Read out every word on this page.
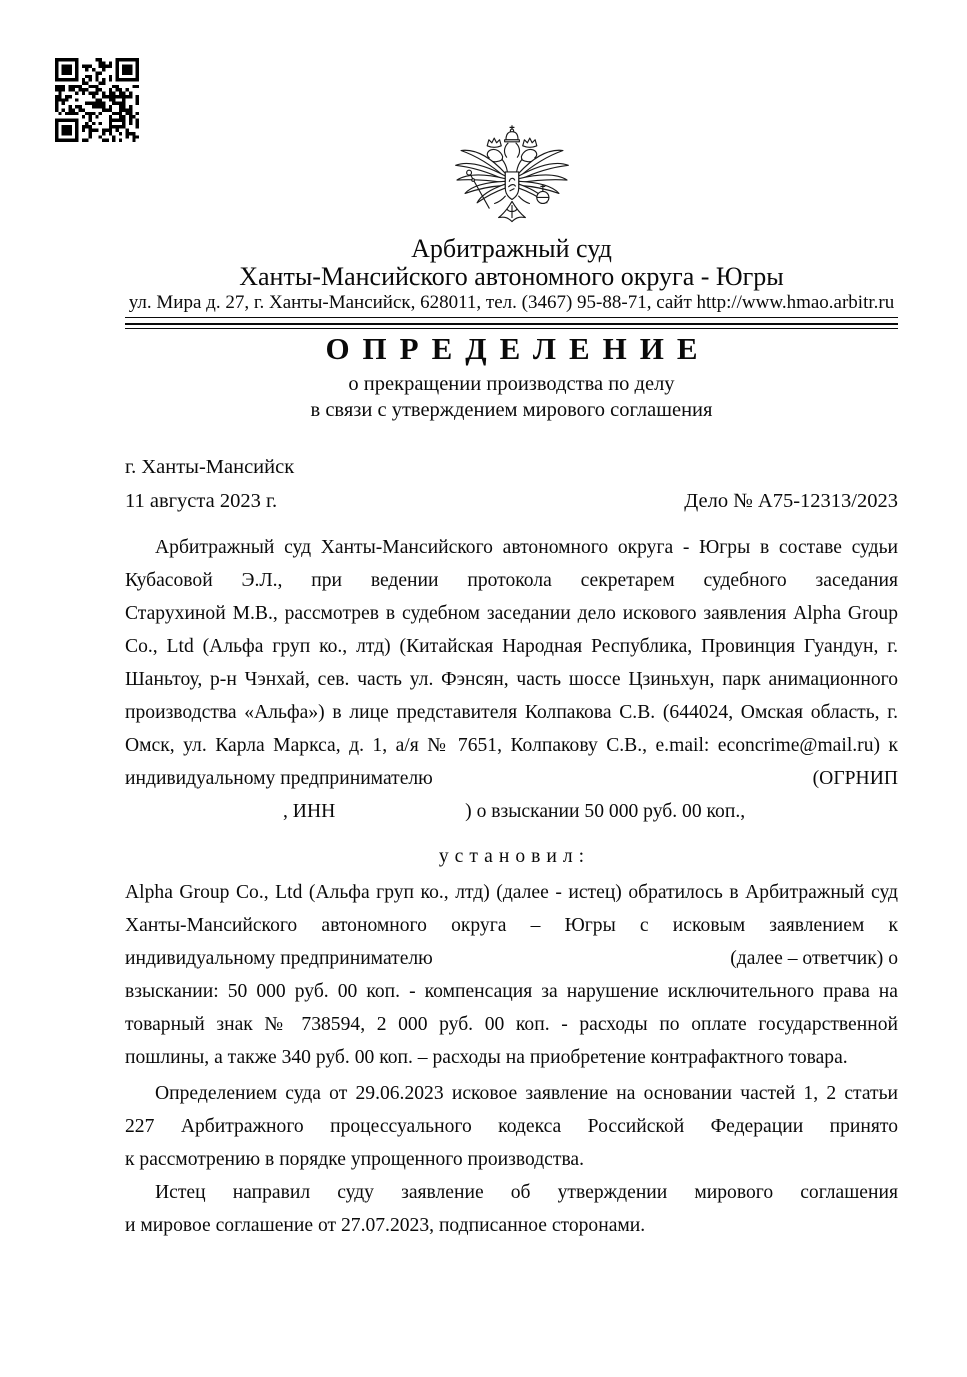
Арбитражный суд
Ханты-Мансийского автономного округа - Югры
ул. Мира д. 27, г. Ханты-Мансийск, 628011, тел. (3467) 95-88-71, сайт http://www.hmao.arbitr.ru
ОПРЕДЕЛЕНИЕ
о прекращении производства по делу
в связи с утверждением мирового соглашения
г. Ханты-Мансийск
11 августа 2023 г.	Дело № А75-12313/2023
Арбитражный суд Ханты-Мансийского автономного округа - Югры в составе судьи
Кубасовой Э.Л., при ведении протокола секретарем судебного заседания
Старухиной М.В., рассмотрев в судебном заседании дело искового заявления Alpha Group
Co., Ltd (Альфа груп ко., лтд) (Китайская Народная Республика, Провинция Гуандун, г.
Шаньтоу, р-н Чэнхай, сев. часть ул. Фэнсян, часть шоссе Цзиньхун, парк анимационного
производства «Альфа») в лице представителя Колпакова С.В. (644024, Омская область, г.
Омск, ул. Карла Маркса, д. 1, а/я № 7651, Колпакову С.В., e.mail: econcrime@mail.ru) к
индивидуальному предпринимателю	(ОГРНИП
, ИНН	) о взыскании 50 000 руб. 00 коп.,
установил:
Alpha Group Co., Ltd (Альфа груп ко., лтд) (далее - истец) обратилось в Арбитражный суд
Ханты-Мансийского автономного округа – Югры с исковым заявлением к
индивидуальному предпринимателю	(далее – ответчик) о
взыскании: 50 000 руб. 00 коп. - компенсация за нарушение исключительного права на
товарный знак № 738594, 2 000 руб. 00 коп. - расходы по оплате государственной
пошлины, а также 340 руб. 00 коп. – расходы на приобретение контрафактного товара.
Определением суда от 29.06.2023 исковое заявление на основании частей 1, 2 статьи
227 Арбитражного процессуального кодекса Российской Федерации принято
к рассмотрению в порядке упрощенного производства.
Истец направил суду заявление об утверждении мирового соглашения
и мировое соглашение от 27.07.2023, подписанное сторонами.
